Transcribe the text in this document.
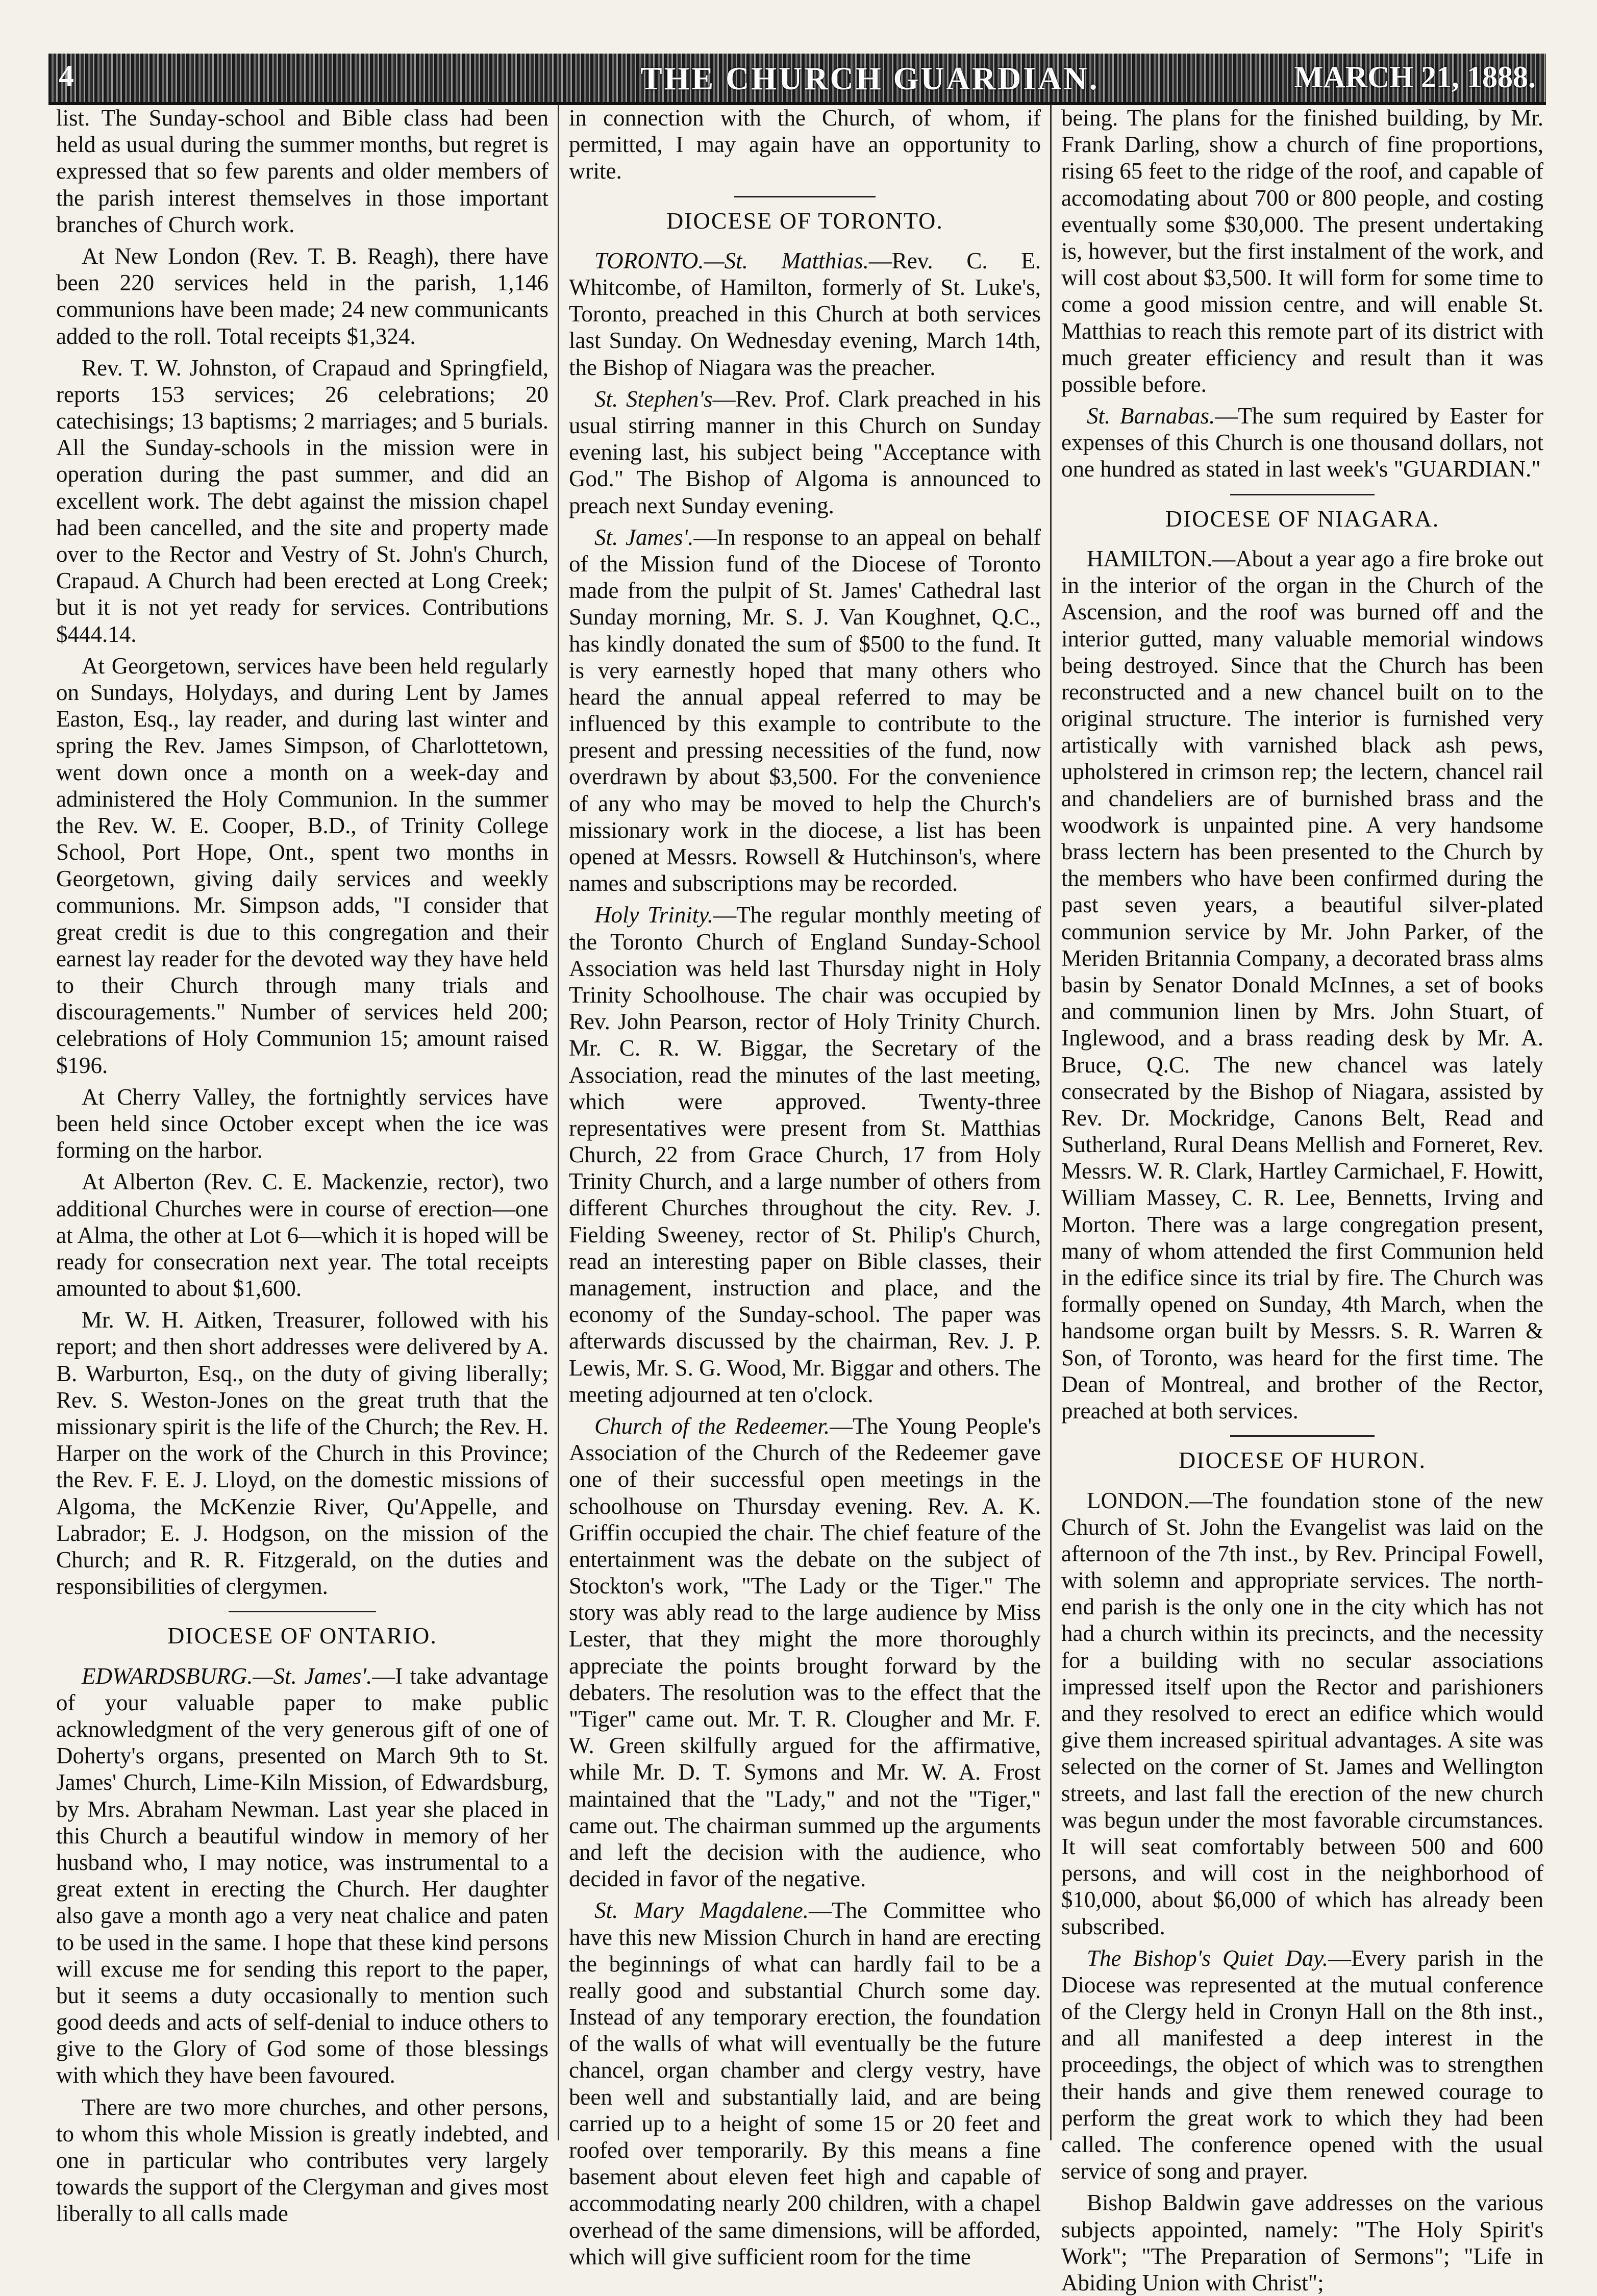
4	THE CHURCH GUARDIAN.	MARCH 21, 1888.

list. The Sunday-school and Bible class had been held as usual during the summer months, but regret is expressed that so few parents and older members of the parish interest themselves in those important branches of Church work.

At New London (Rev. T. B. Reagh), there have been 220 services held in the parish, 1,146 communions have been made; 24 new communicants added to the roll. Total receipts $1,324.

Rev. T. W. Johnston, of Crapaud and Springfield, reports 153 services; 26 celebrations; 20 catechisings; 13 baptisms; 2 marriages; and 5 burials. All the Sunday-schools in the mission were in operation during the past summer, and did an excellent work. The debt against the mission chapel had been cancelled, and the site and property made over to the Rector and Vestry of St. John's Church, Crapaud. A Church had been erected at Long Creek; but it is not yet ready for services. Contributions $444.14.

At Georgetown, services have been held regularly on Sundays, Holydays, and during Lent by James Easton, Esq., lay reader, and during last winter and spring the Rev. James Simpson, of Charlottetown, went down once a month on a week-day and administered the Holy Communion. In the summer the Rev. W. E. Cooper, B.D., of Trinity College School, Port Hope, Ont., spent two months in Georgetown, giving daily services and weekly communions. Mr. Simpson adds, "I consider that great credit is due to this congregation and their earnest lay reader for the devoted way they have held to their Church through many trials and discouragements." Number of services held 200; celebrations of Holy Communion 15; amount raised $196.

At Cherry Valley, the fortnightly services have been held since October except when the ice was forming on the harbor.

At Alberton (Rev. C. E. Mackenzie, rector), two additional Churches were in course of erection—one at Alma, the other at Lot 6—which it is hoped will be ready for consecration next year. The total receipts amounted to about $1,600.

Mr. W. H. Aitken, Treasurer, followed with his report; and then short addresses were delivered by A. B. Warburton, Esq., on the duty of giving liberally; Rev. S. Weston-Jones on the great truth that the missionary spirit is the life of the Church; the Rev. H. Harper on the work of the Church in this Province; the Rev. F. E. J. Lloyd, on the domestic missions of Algoma, the McKenzie River, Qu'Appelle, and Labrador; E. J. Hodgson, on the mission of the Church; and R. R. Fitzgerald, on the duties and responsibilities of clergymen.

DIOCESE OF ONTARIO.

EDWARDSBURG.—St. James'.—I take advantage of your valuable paper to make public acknowledgment of the very generous gift of one of Doherty's organs, presented on March 9th to St. James' Church, Lime-Kiln Mission, of Edwardsburg, by Mrs. Abraham Newman. Last year she placed in this Church a beautiful window in memory of her husband who, I may notice, was instrumental to a great extent in erecting the Church. Her daughter also gave a month ago a very neat chalice and paten to be used in the same. I hope that these kind persons will excuse me for sending this report to the paper, but it seems a duty occasionally to mention such good deeds and acts of self-denial to induce others to give to the Glory of God some of those blessings with which they have been favoured.

There are two more churches, and other persons, to whom this whole Mission is greatly indebted, and one in particular who contributes very largely towards the support of the Clergyman and gives most liberally to all calls made

in connection with the Church, of whom, if permitted, I may again have an opportunity to write.

DIOCESE OF TORONTO.

TORONTO.—St. Matthias.—Rev. C. E. Whitcombe, of Hamilton, formerly of St. Luke's, Toronto, preached in this Church at both services last Sunday. On Wednesday evening, March 14th, the Bishop of Niagara was the preacher.

St. Stephen's—Rev. Prof. Clark preached in his usual stirring manner in this Church on Sunday evening last, his subject being "Acceptance with God." The Bishop of Algoma is announced to preach next Sunday evening.

St. James'.—In response to an appeal on behalf of the Mission fund of the Diocese of Toronto made from the pulpit of St. James' Cathedral last Sunday morning, Mr. S. J. Van Koughnet, Q.C., has kindly donated the sum of $500 to the fund. It is very earnestly hoped that many others who heard the annual appeal referred to may be influenced by this example to contribute to the present and pressing necessities of the fund, now overdrawn by about $3,500. For the convenience of any who may be moved to help the Church's missionary work in the diocese, a list has been opened at Messrs. Rowsell & Hutchinson's, where names and subscriptions may be recorded.

Holy Trinity.—The regular monthly meeting of the Toronto Church of England Sunday-School Association was held last Thursday night in Holy Trinity Schoolhouse. The chair was occupied by Rev. John Pearson, rector of Holy Trinity Church. Mr. C. R. W. Biggar, the Secretary of the Association, read the minutes of the last meeting, which were approved. Twenty-three representatives were present from St. Matthias Church, 22 from Grace Church, 17 from Holy Trinity Church, and a large number of others from different Churches throughout the city. Rev. J. Fielding Sweeney, rector of St. Philip's Church, read an interesting paper on Bible classes, their management, instruction and place, and the economy of the Sunday-school. The paper was afterwards discussed by the chairman, Rev. J. P. Lewis, Mr. S. G. Wood, Mr. Biggar and others. The meeting adjourned at ten o'clock.

Church of the Redeemer.—The Young People's Association of the Church of the Redeemer gave one of their successful open meetings in the schoolhouse on Thursday evening. Rev. A. K. Griffin occupied the chair. The chief feature of the entertainment was the debate on the subject of Stockton's work, "The Lady or the Tiger." The story was ably read to the large audience by Miss Lester, that they might the more thoroughly appreciate the points brought forward by the debaters. The resolution was to the effect that the "Tiger" came out. Mr. T. R. Clougher and Mr. F. W. Green skilfully argued for the affirmative, while Mr. D. T. Symons and Mr. W. A. Frost maintained that the "Lady," and not the "Tiger," came out. The chairman summed up the arguments and left the decision with the audience, who decided in favor of the negative.

St. Mary Magdalene.—The Committee who have this new Mission Church in hand are erecting the beginnings of what can hardly fail to be a really good and substantial Church some day. Instead of any temporary erection, the foundation of the walls of what will eventually be the future chancel, organ chamber and clergy vestry, have been well and substantially laid, and are being carried up to a height of some 15 or 20 feet and roofed over temporarily. By this means a fine basement about eleven feet high and capable of accommodating nearly 200 children, with a chapel overhead of the same dimensions, will be afforded, which will give sufficient room for the time

being. The plans for the finished building, by Mr. Frank Darling, show a church of fine proportions, rising 65 feet to the ridge of the roof, and capable of accomodating about 700 or 800 people, and costing eventually some $30,000. The present undertaking is, however, but the first instalment of the work, and will cost about $3,500. It will form for some time to come a good mission centre, and will enable St. Matthias to reach this remote part of its district with much greater efficiency and result than it was possible before.

St. Barnabas.—The sum required by Easter for expenses of this Church is one thousand dollars, not one hundred as stated in last week's "GUARDIAN."

DIOCESE OF NIAGARA.

HAMILTON.—About a year ago a fire broke out in the interior of the organ in the Church of the Ascension, and the roof was burned off and the interior gutted, many valuable memorial windows being destroyed. Since that the Church has been reconstructed and a new chancel built on to the original structure. The interior is furnished very artistically with varnished black ash pews, upholstered in crimson rep; the lectern, chancel rail and chandeliers are of burnished brass and the woodwork is unpainted pine. A very handsome brass lectern has been presented to the Church by the members who have been confirmed during the past seven years, a beautiful silver-plated communion service by Mr. John Parker, of the Meriden Britannia Company, a decorated brass alms basin by Senator Donald McInnes, a set of books and communion linen by Mrs. John Stuart, of Inglewood, and a brass reading desk by Mr. A. Bruce, Q.C. The new chancel was lately consecrated by the Bishop of Niagara, assisted by Rev. Dr. Mockridge, Canons Belt, Read and Sutherland, Rural Deans Mellish and Forneret, Rev. Messrs. W. R. Clark, Hartley Carmichael, F. Howitt, William Massey, C. R. Lee, Bennetts, Irving and Morton. There was a large congregation present, many of whom attended the first Communion held in the edifice since its trial by fire. The Church was formally opened on Sunday, 4th March, when the handsome organ built by Messrs. S. R. Warren & Son, of Toronto, was heard for the first time. The Dean of Montreal, and brother of the Rector, preached at both services.

DIOCESE OF HURON.

LONDON.—The foundation stone of the new Church of St. John the Evangelist was laid on the afternoon of the 7th inst., by Rev. Principal Fowell, with solemn and appropriate services. The north-end parish is the only one in the city which has not had a church within its precincts, and the necessity for a building with no secular associations impressed itself upon the Rector and parishioners and they resolved to erect an edifice which would give them increased spiritual advantages. A site was selected on the corner of St. James and Wellington streets, and last fall the erection of the new church was begun under the most favorable circumstances. It will seat comfortably between 500 and 600 persons, and will cost in the neighborhood of $10,000, about $6,000 of which has already been subscribed.

The Bishop's Quiet Day.—Every parish in the Diocese was represented at the mutual conference of the Clergy held in Cronyn Hall on the 8th inst., and all manifested a deep interest in the proceedings, the object of which was to strengthen their hands and give them renewed courage to perform the great work to which they had been called. The conference opened with the usual service of song and prayer.

Bishop Baldwin gave addresses on the various subjects appointed, namely: "The Holy Spirit's Work"; "The Preparation of Sermons"; "Life in Abiding Union with Christ";
